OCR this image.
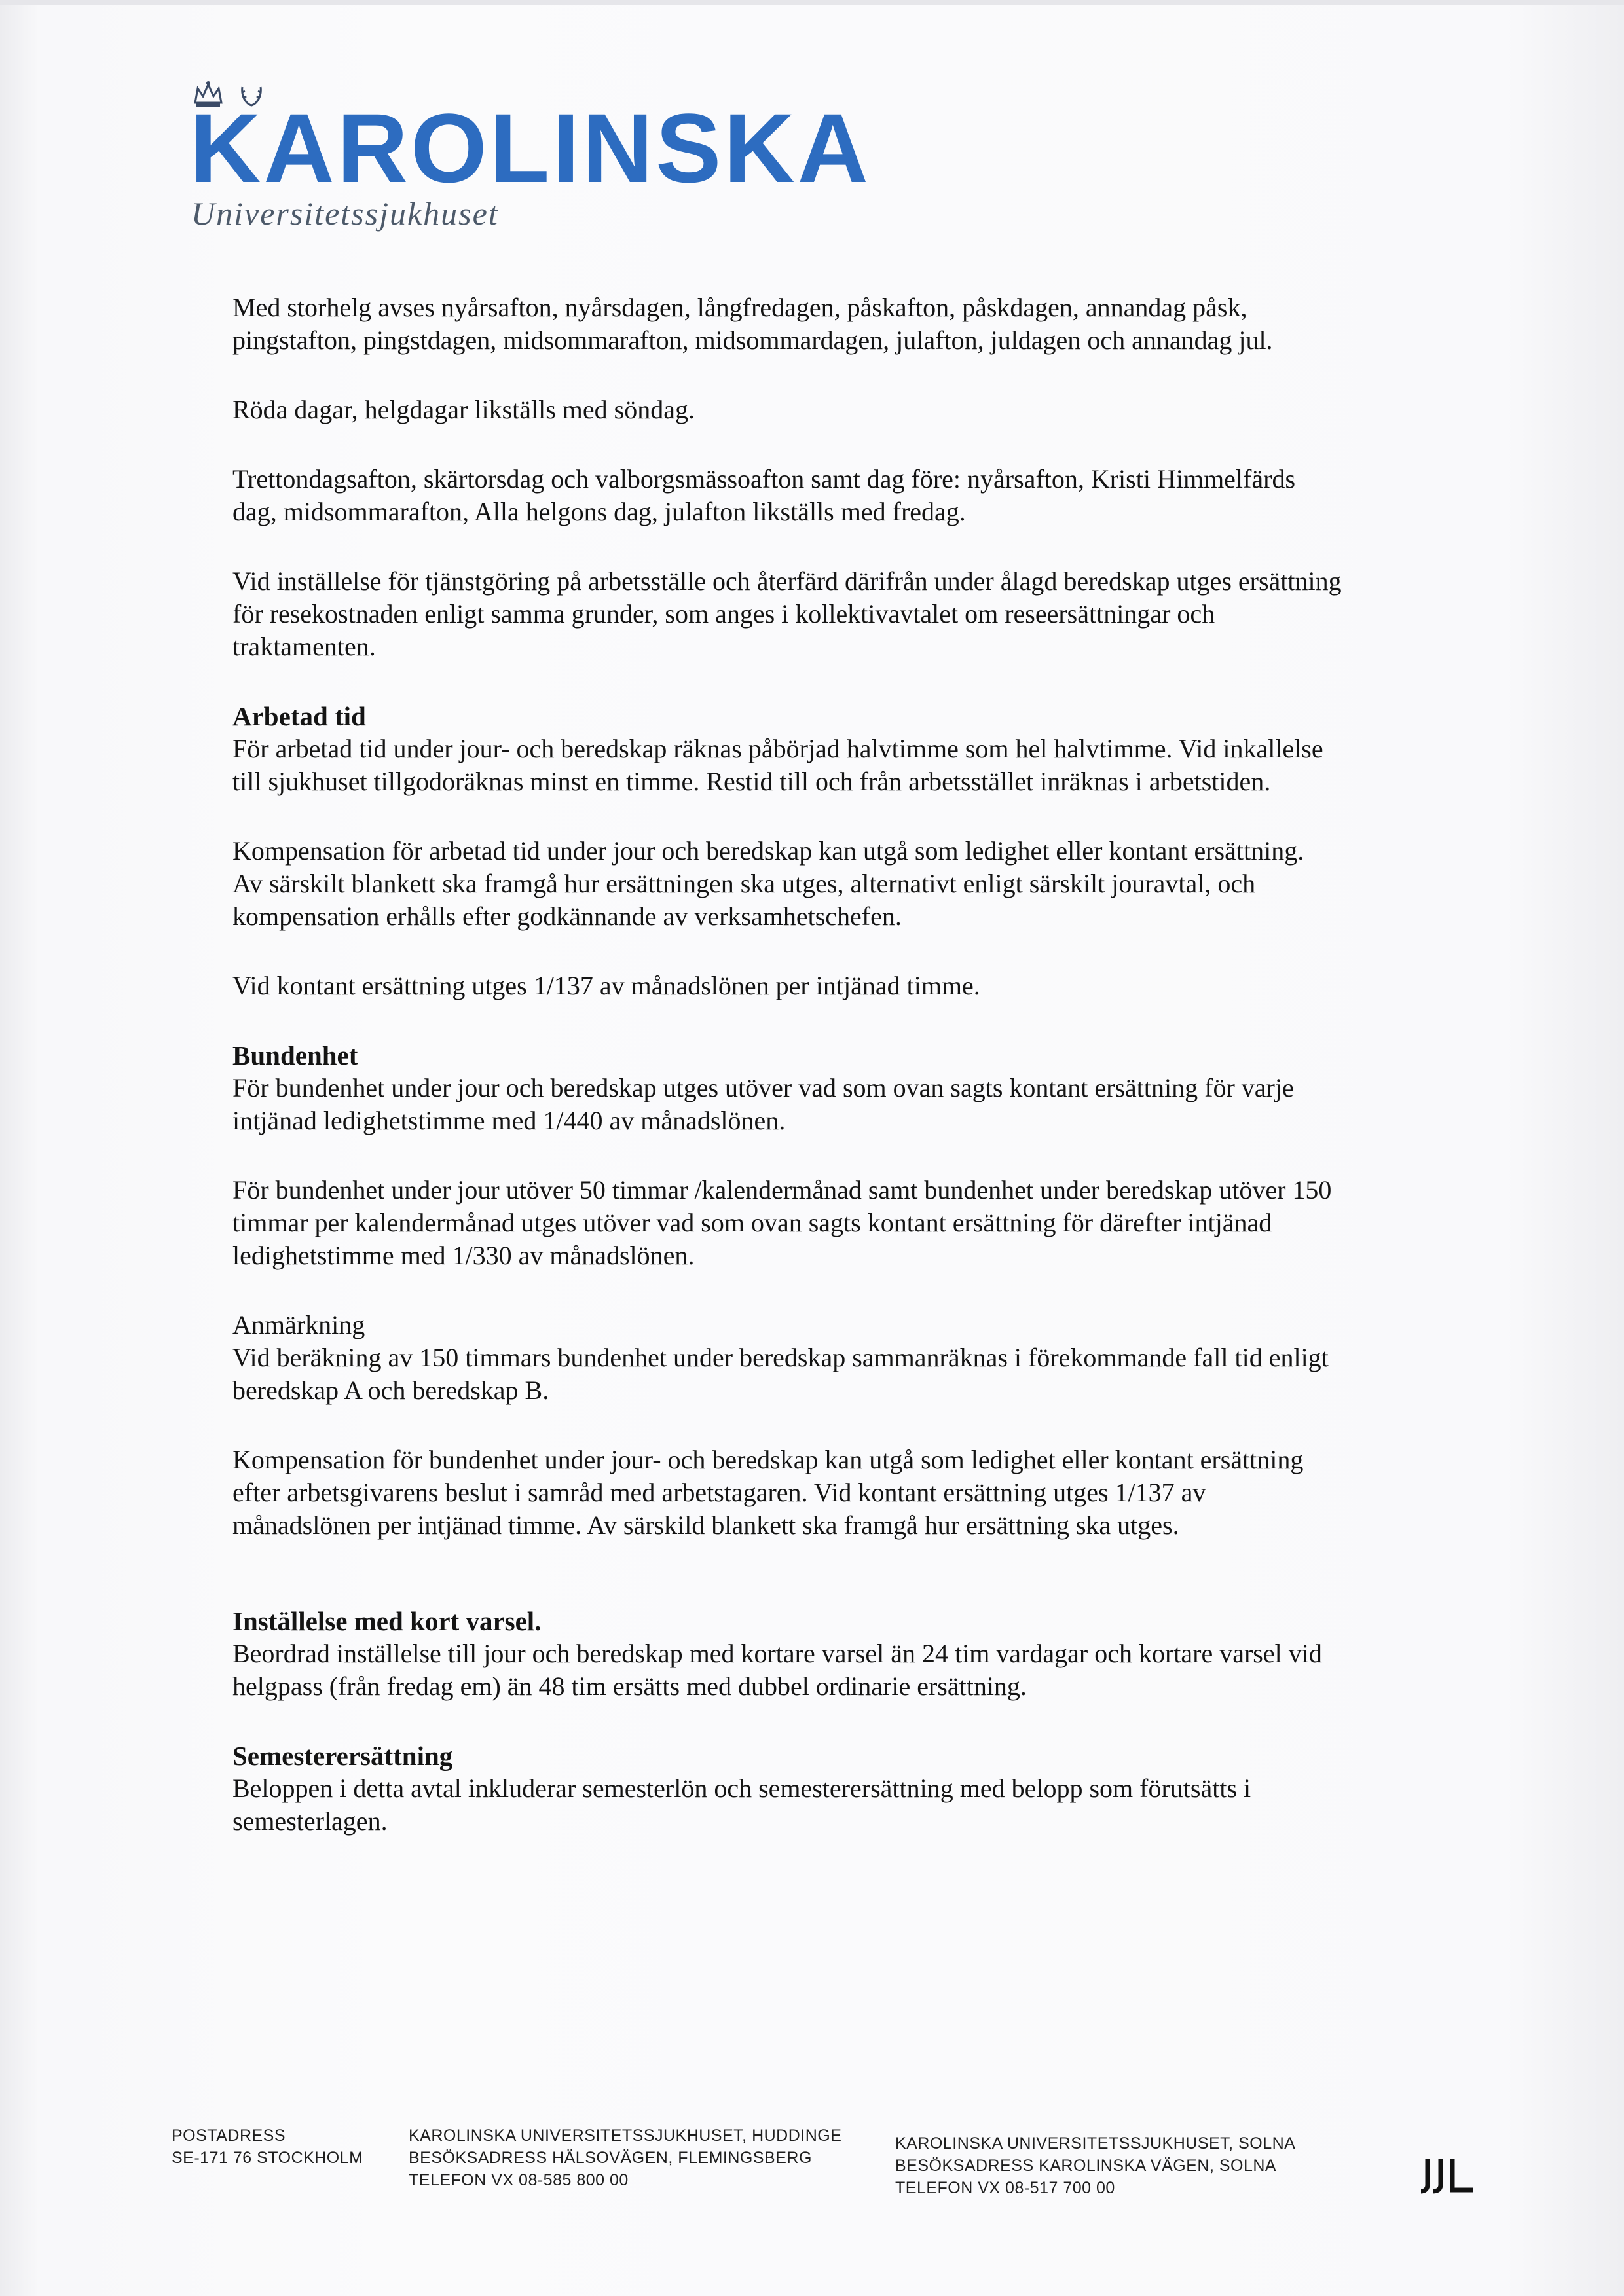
KAROLINSKA
Universitetssjukhuset

Med storhelg avses nyårsafton, nyårsdagen, långfredagen, påskafton, påskdagen, annandag påsk,
pingstafton, pingstdagen, midsommarafton, midsommardagen, julafton, juldagen och annandag jul.

Röda dagar, helgdagar likställs med söndag.

Trettondagsafton, skärtorsdag och valborgsmässoafton samt dag före: nyårsafton, Kristi Himmelfärds
dag, midsommarafton, Alla helgons dag, julafton likställs med fredag.

Vid inställelse för tjänstgöring på arbetsställe och återfärd därifrån under ålagd beredskap utges ersättning
för resekostnaden enligt samma grunder, som anges i kollektivavtalet om reseersättningar och
traktamenten.

Arbetad tid

För arbetad tid under jour- och beredskap räknas påbörjad halvtimme som hel halvtimme. Vid inkallelse
till sjukhuset tillgodoräknas minst en timme. Restid till och från arbetsstället inräknas i arbetstiden.

Kompensation för arbetad tid under jour och beredskap kan utgå som ledighet eller kontant ersättning.
Av särskilt blankett ska framgå hur ersättningen ska utges, alternativt enligt särskilt jouravtal, och
kompensation erhålls efter godkännande av verksamhetschefen.

Vid kontant ersättning utges 1/137 av månadslönen per intjänad timme.

Bundenhet

För bundenhet under jour och beredskap utges utöver vad som ovan sagts kontant ersättning för varje
intjänad ledighetstimme med 1/440 av månadslönen.

För bundenhet under jour utöver 50 timmar /kalendermånad samt bundenhet under beredskap utöver 150
timmar per kalendermånad utges utöver vad som ovan sagts kontant ersättning för därefter intjänad
ledighetstimme med 1/330 av månadslönen.

Anmärkning

Vid beräkning av 150 timmars bundenhet under beredskap sammanräknas i förekommande fall tid enligt
beredskap A och beredskap B.

Kompensation för bundenhet under jour- och beredskap kan utgå som ledighet eller kontant ersättning
efter arbetsgivarens beslut i samråd med arbetstagaren. Vid kontant ersättning utges 1/137 av
månadslönen per intjänad timme. Av särskild blankett ska framgå hur ersättning ska utges.

Inställelse med kort varsel.

Beordrad inställelse till jour och beredskap med kortare varsel än 24 tim vardagar och kortare varsel vid
helgpass (från fredag em) än 48 tim ersätts med dubbel ordinarie ersättning.

Semesterersättning

Beloppen i detta avtal inkluderar semesterlön och semesterersättning med belopp som förutsätts i
semesterlagen.

POSTADRESS
SE-171 76 STOCKHOLM
KAROLINSKA UNIVERSITETSSJUKHUSET, HUDDINGE
BESÖKSADRESS HÄLSOVÄGEN, FLEMINGSBERG
TELEFON VX 08-585 800 00
KAROLINSKA UNIVERSITETSSJUKHUSET, SOLNA
BESÖKSADRESS KAROLINSKA VÄGEN, SOLNA
TELEFON VX 08-517 700 00
